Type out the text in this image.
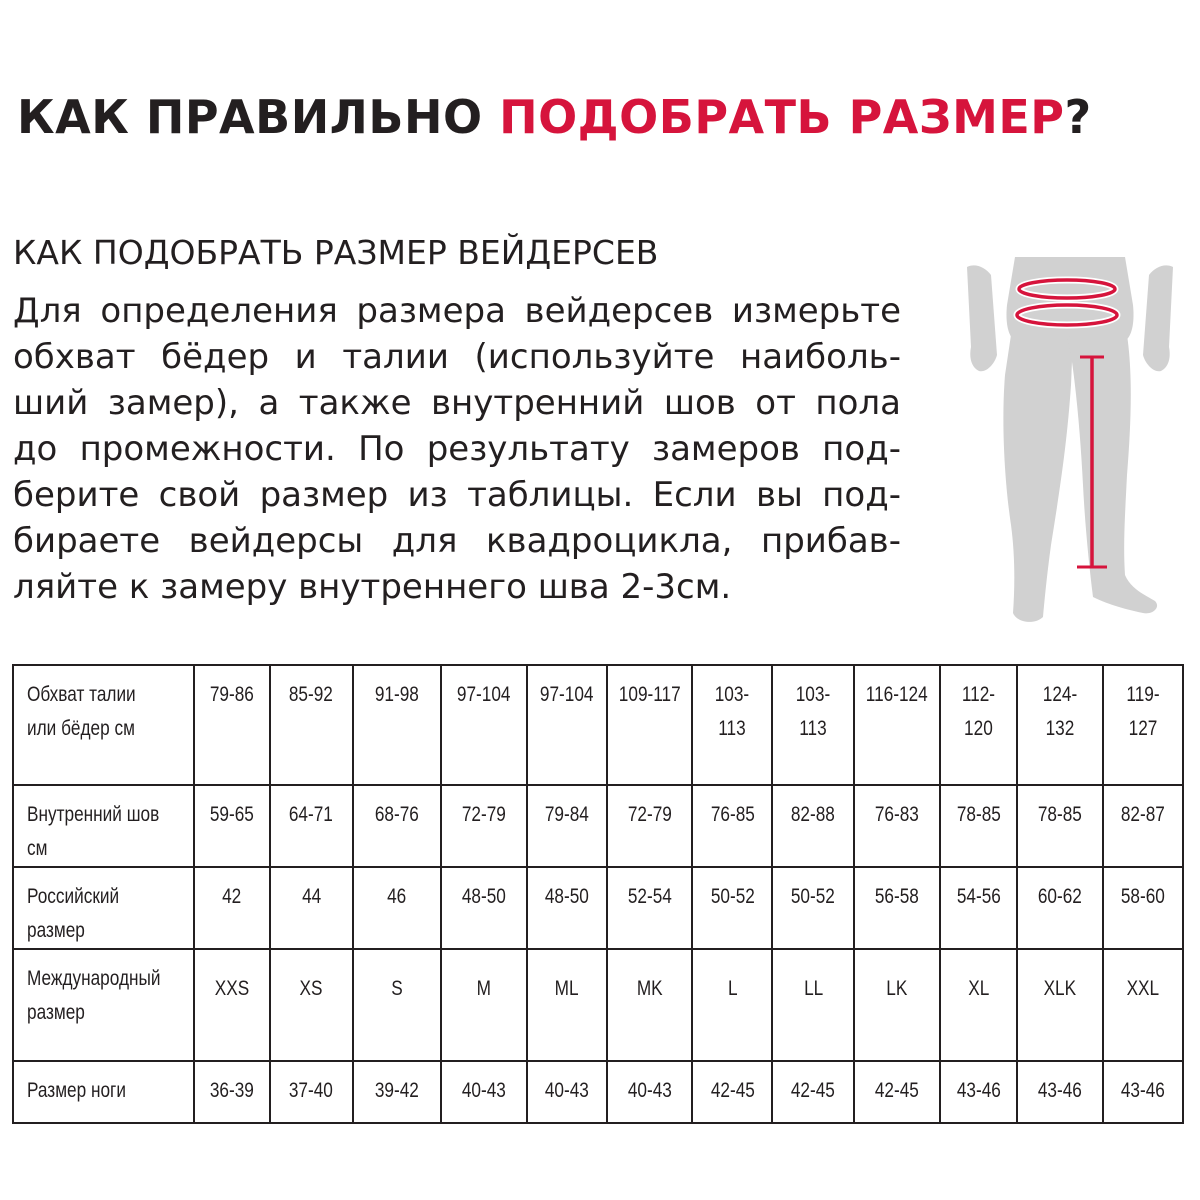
КАК ПРАВИЛЬНО ПОДОБРАТЬ РАЗМЕР?
КАК ПОДОБРАТЬ РАЗМЕР ВЕЙДЕРСЕВ
Для определения размера вейдерсев измерьте
обхват бёдер и талии (используйте наиболь-
ший замер), а также внутренний шов от пола
до промежности. По результату замеров под-
берите свой размер из таблицы. Если вы под-
бираете вейдерсы для квадроцикла, прибав-
ляйте к замеру внутреннего шва 2-3см.
Обхват талии или бёдер см	79-86	85-92	91-98	97-104	97-104	109-117	103-113	103-113	116-124	112-120	124-132	119-127
Внутренний шов см	59-65	64-71	68-76	72-79	79-84	72-79	76-85	82-88	76-83	78-85	78-85	82-87
Российский размер	42	44	46	48-50	48-50	52-54	50-52	50-52	56-58	54-56	60-62	58-60
Международный размер	XXS	XS	S	M	ML	MK	L	LL	LK	XL	XLK	XXL
Размер ноги	36-39	37-40	39-42	40-43	40-43	40-43	42-45	42-45	42-45	43-46	43-46	43-46
